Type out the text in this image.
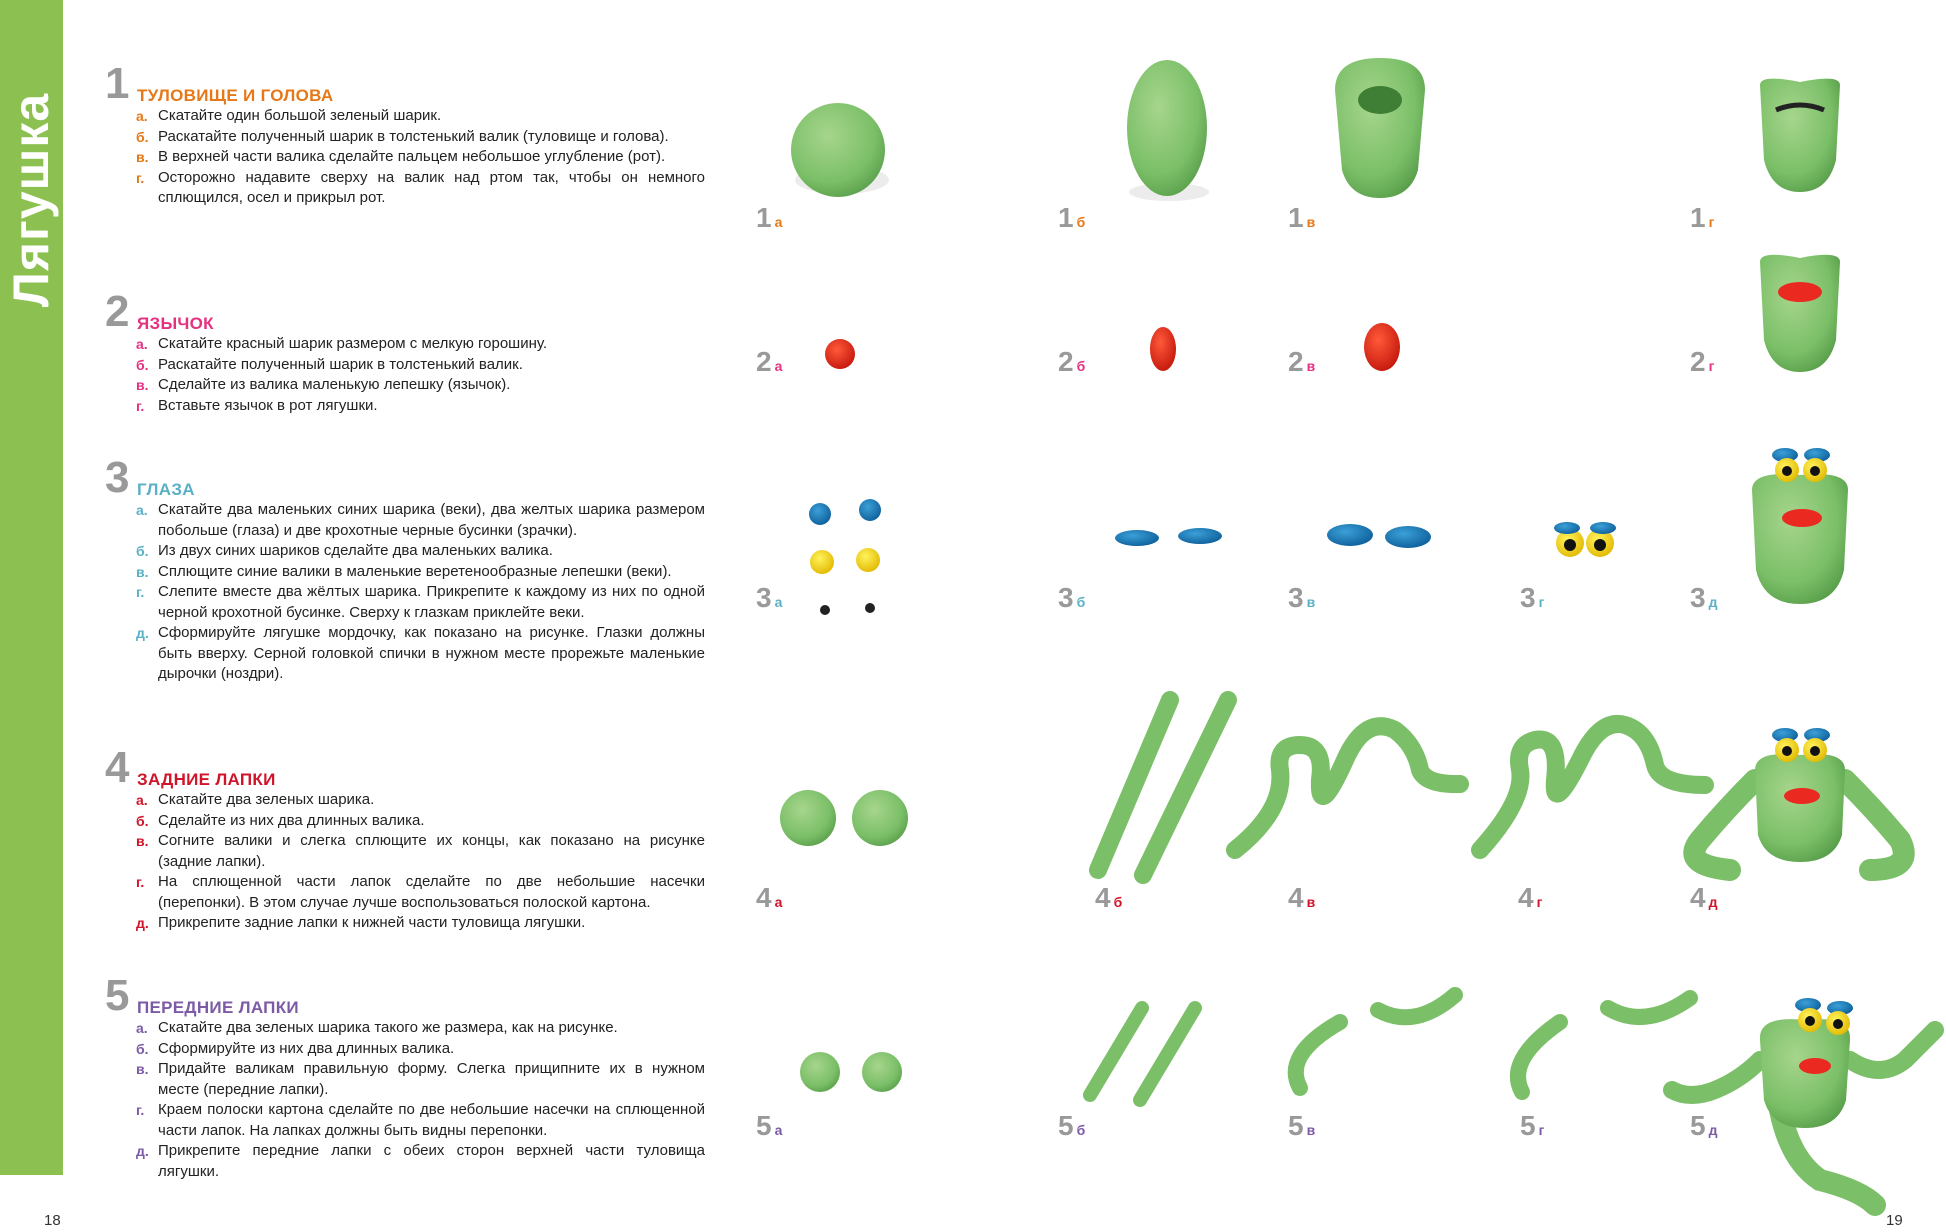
Лягушка
18	19
1 ТУЛОВИЩЕ И ГОЛОВА
а. Скатайте один большой зеленый шарик.
б. Раскатайте полученный шарик в толстенький валик (туловище и голова).
в. В верхней части валика сделайте пальцем небольшое углубление (рот).
г. Осторожно надавите сверху на валик над ртом так, чтобы он немного сплющился, осел и прикрыл рот.
2 ЯЗЫЧОК
а. Скатайте красный шарик размером с мелкую горошину.
б. Раскатайте полученный шарик в толстенький валик.
в. Сделайте из валика маленькую лепешку (язычок).
г. Вставьте язычок в рот лягушки.
3 ГЛАЗА
а. Скатайте два маленьких синих шарика (веки), два желтых шарика размером побольше (глаза) и две крохотные черные бусинки (зрачки).
б. Из двух синих шариков сделайте два маленьких валика.
в. Сплющите синие валики в маленькие веретенообразные лепешки (веки).
г. Слепите вместе два жёлтых шарика. Прикрепите к каждому из них по одной черной крохотной бусинке. Сверху к глазкам приклейте веки.
д. Сформируйте лягушке мордочку, как показано на рисунке. Глазки должны быть вверху. Серной головкой спички в нужном месте прорежьте маленькие дырочки (ноздри).
4 ЗАДНИЕ ЛАПКИ
а. Скатайте два зеленых шарика.
б. Сделайте из них два длинных валика.
в. Согните валики и слегка сплющите их концы, как показано на рисунке (задние лапки).
г. На сплющенной части лапок сделайте по две небольшие насечки (перепонки). В этом случае лучше воспользоваться полоской картона.
д. Прикрепите задние лапки к нижней части туловища лягушки.
5 ПЕРЕДНИЕ ЛАПКИ
а. Скатайте два зеленых шарика такого же размера, как на рисунке.
б. Сформируйте из них два длинных валика.
в. Придайте валикам правильную форму. Слегка прищипните их в нужном месте (передние лапки).
г. Краем полоски картона сделайте по две небольшие насечки на сплющенной части лапок. На лапках должны быть видны перепонки.
д. Прикрепите передние лапки с обеих сторон верхней части туловища лягушки.
1 а	1 б	1 в	1 г
2 а	2 б	2 в	2 г
3 а	3 б	3 в	3 г	3 д
4 а	4 б	4 в	4 г	4 д
5 а	5 б	5 в	5 г	5 д
